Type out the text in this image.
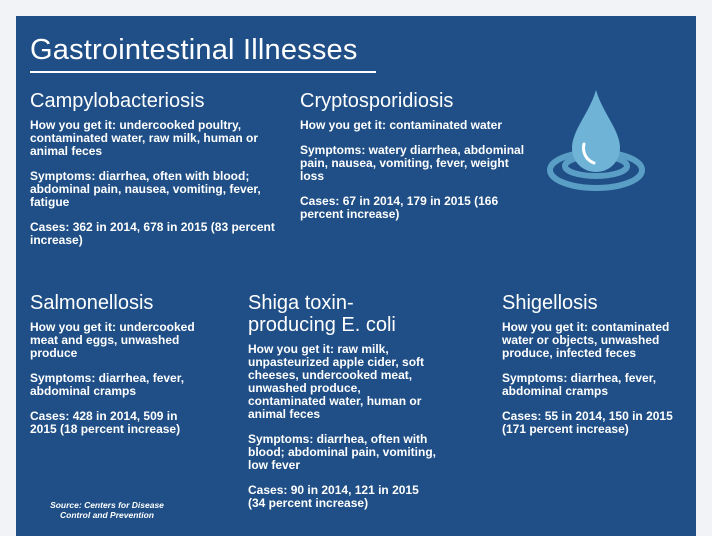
Gastrointestinal Illnesses
Campylobacteriosis

How you get it: undercooked poultry, contaminated water, raw milk, human or animal feces

Symptoms: diarrhea, often with blood; abdominal pain, nausea, vomiting, fever, fatigue

Cases: 362 in 2014, 678 in 2015 (83 percent increase)

Cryptosporidiosis

How you get it: contaminated water

Symptoms: watery diarrhea, abdominal pain, nausea, vomiting, fever, weight loss

Cases: 67 in 2014, 179 in 2015 (166 percent increase)

Salmonellosis

How you get it: undercooked meat and eggs, unwashed produce

Symptoms: diarrhea, fever, abdominal cramps

Cases: 428 in 2014, 509 in 2015 (18 percent increase)

Shiga toxin-producing E. coli

How you get it: raw milk, unpasteurized apple cider, soft cheeses, undercooked meat, unwashed produce, contaminated water, human or animal feces

Symptoms: diarrhea, often with blood; abdominal pain, vomiting, low fever

Cases: 90 in 2014, 121 in 2015 (34 percent increase)

Shigellosis

How you get it: contaminated water or objects, unwashed produce, infected feces

Symptoms: diarrhea, fever, abdominal cramps

Cases: 55 in 2014, 150 in 2015 (171 percent increase)

Source: Centers for Disease Control and Prevention
